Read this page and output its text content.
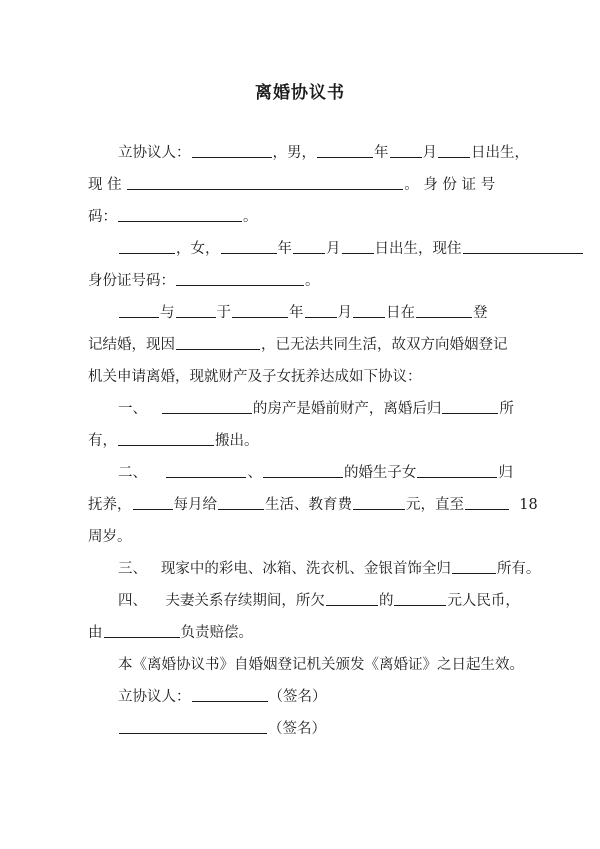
离婚协议书
立协议人：	，男，	年 月 日出生，
现 住	。 身 份 证 号
码：	。
，女，	年 月 日出生，现住
身份证号码：	。
与	于	年 月 日在	登
记结婚，现因	，已无法共同生活，故双方向婚姻登记
机关申请离婚，现就财产及子女抚养达成如下协议：
一、	的房产是婚前财产，离婚后归	所
有，	搬出。
二、	、	的婚生子女	归
抚养，	每月给	生活、教育费	元，直至	18
周岁。
三、 现家中的彩电、冰箱、洗衣机、金银首饰全归	所有。
四、 夫妻关系存续期间，所欠	的	元人民币，
由	负责赔偿。
本《离婚协议书》自婚姻登记机关颁发《离婚证》之日起生效。
立协议人：	（签名）
（签名）
